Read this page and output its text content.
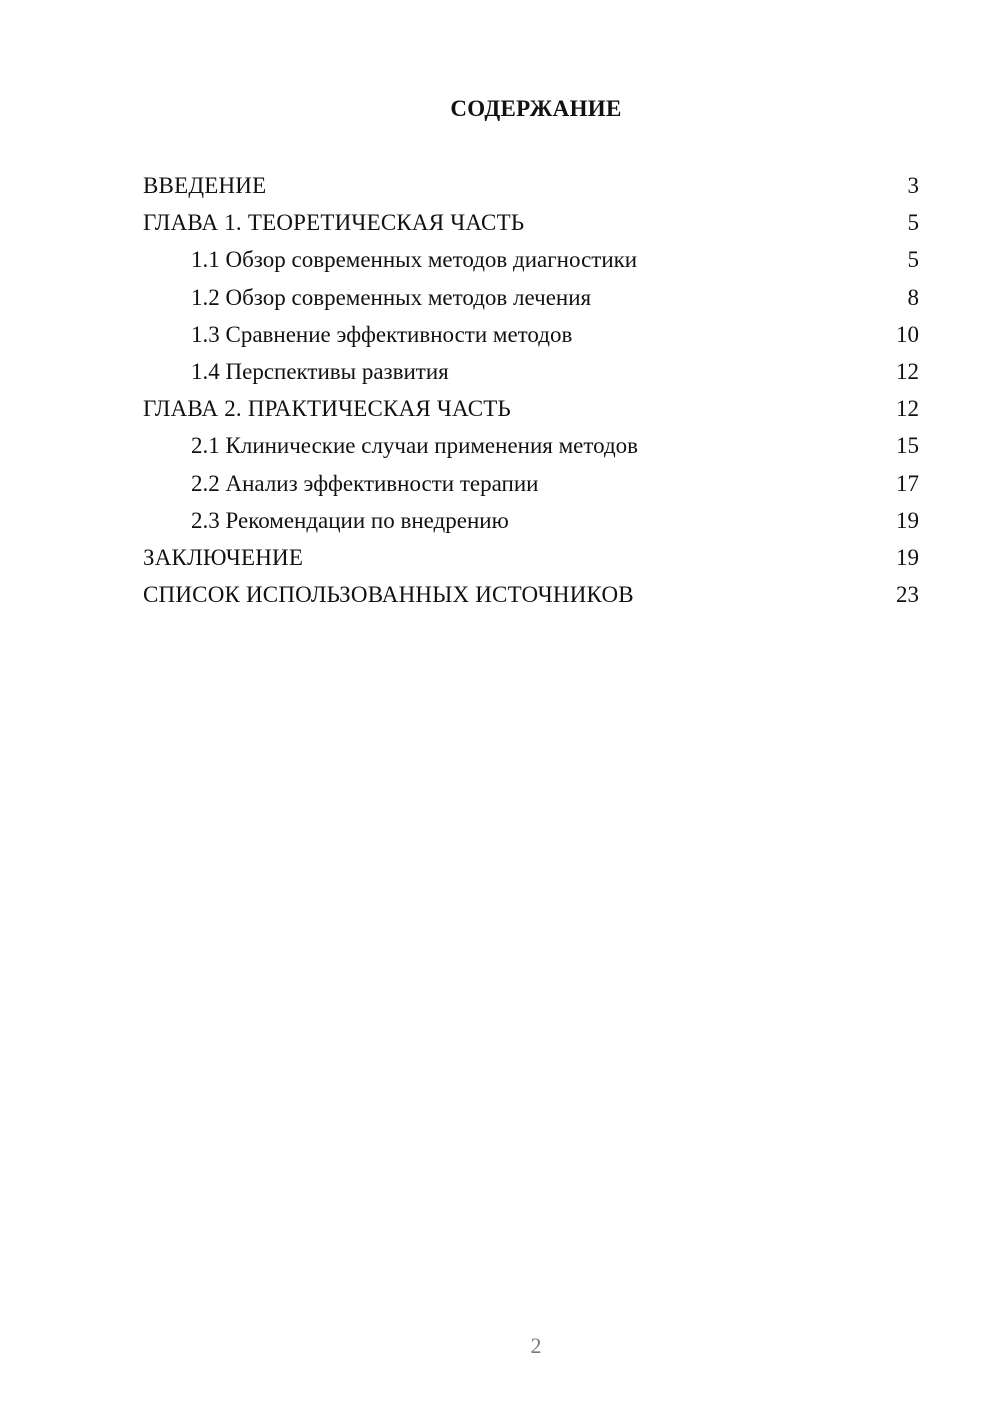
СОДЕРЖАНИЕ
ВВЕДЕНИЕ	3
ГЛАВА 1. ТЕОРЕТИЧЕСКАЯ ЧАСТЬ	5
1.1 Обзор современных методов диагностики	5
1.2 Обзор современных методов лечения	8
1.3 Сравнение эффективности методов	10
1.4 Перспективы развития	12
ГЛАВА 2. ПРАКТИЧЕСКАЯ ЧАСТЬ	12
2.1 Клинические случаи применения методов	15
2.2 Анализ эффективности терапии	17
2.3 Рекомендации по внедрению	19
ЗАКЛЮЧЕНИЕ	19
СПИСОК ИСПОЛЬЗОВАННЫХ ИСТОЧНИКОВ	23
2
